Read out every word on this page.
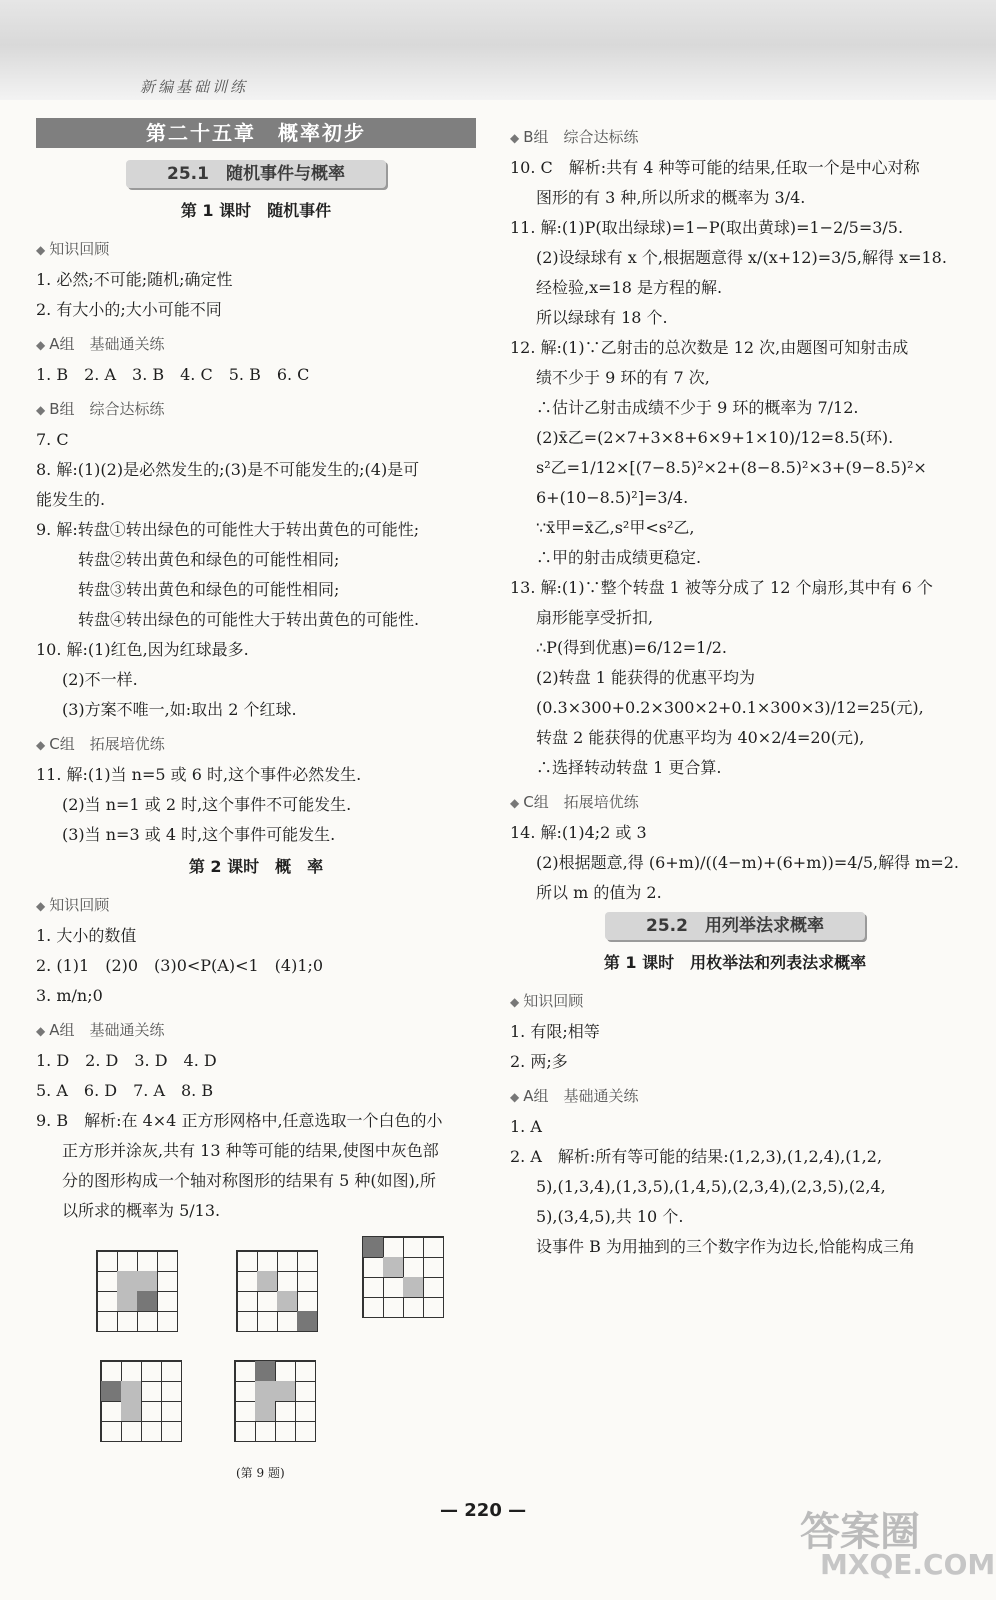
新编基础训练
第二十五章　概率初步
25.1　随机事件与概率
第 1 课时　随机事件
◆ 知识回顾
1. 必然;不可能;随机;确定性
2. 有大小的;大小可能不同
◆ A组　基础通关练
1. B　2. A　3. B　4. C　5. B　6. C
◆ B组　综合达标练
7. C
8. 解:(1)(2)是必然发生的;(3)是不可能发生的;(4)是可
能发生的.
9. 解:转盘①转出绿色的可能性大于转出黄色的可能性;
转盘②转出黄色和绿色的可能性相同;
转盘③转出黄色和绿色的可能性相同;
转盘④转出绿色的可能性大于转出黄色的可能性.
10. 解:(1)红色,因为红球最多.
(2)不一样.
(3)方案不唯一,如:取出 2 个红球.
◆ C组　拓展培优练
11. 解:(1)当 n=5 或 6 时,这个事件必然发生.
(2)当 n=1 或 2 时,这个事件不可能发生.
(3)当 n=3 或 4 时,这个事件可能发生.
第 2 课时　概　率
◆ 知识回顾
1. 大小的数值
2. (1)1　(2)0　(3)0<P(A)<1　(4)1;0
3. m/n;0
◆ A组　基础通关练
1. D　2. D　3. D　4. D
5. A　6. D　7. A　8. B
9. B　解析:在 4×4 正方形网格中,任意选取一个白色的小
正方形并涂灰,共有 13 种等可能的结果,使图中灰色部
分的图形构成一个轴对称图形的结果有 5 种(如图),所
以所求的概率为 5/13.
(第 9 题)
◆ B组　综合达标练
10. C　解析:共有 4 种等可能的结果,任取一个是中心对称
图形的有 3 种,所以所求的概率为 3/4.
11. 解:(1)P(取出绿球)=1−P(取出黄球)=1−2/5=3/5.
(2)设绿球有 x 个,根据题意得 x/(x+12)=3/5,解得 x=18.
经检验,x=18 是方程的解.
所以绿球有 18 个.
12. 解:(1)∵乙射击的总次数是 12 次,由题图可知射击成
绩不少于 9 环的有 7 次,
∴估计乙射击成绩不少于 9 环的概率为 7/12.
(2)x̄乙=(2×7+3×8+6×9+1×10)/12=8.5(环).
s²乙=1/12×[(7−8.5)²×2+(8−8.5)²×3+(9−8.5)²×
6+(10−8.5)²]=3/4.
∵x̄甲=x̄乙,s²甲<s²乙,
∴甲的射击成绩更稳定.
13. 解:(1)∵整个转盘 1 被等分成了 12 个扇形,其中有 6 个
扇形能享受折扣,
∴P(得到优惠)=6/12=1/2.
(2)转盘 1 能获得的优惠平均为
(0.3×300+0.2×300×2+0.1×300×3)/12=25(元),
转盘 2 能获得的优惠平均为 40×2/4=20(元),
∴选择转动转盘 1 更合算.
◆ C组　拓展培优练
14. 解:(1)4;2 或 3
(2)根据题意,得 (6+m)/((4−m)+(6+m))=4/5,解得 m=2.
所以 m 的值为 2.
25.2　用列举法求概率
第 1 课时　用枚举法和列表法求概率
◆ 知识回顾
1. 有限;相等
2. 两;多
◆ A组　基础通关练
1. A
2. A　解析:所有等可能的结果:(1,2,3),(1,2,4),(1,2,
5),(1,3,4),(1,3,5),(1,4,5),(2,3,4),(2,3,5),(2,4,
5),(3,4,5),共 10 个.
设事件 B 为用抽到的三个数字作为边长,恰能构成三角
— 220 —	答案圈
MXQE.COM
